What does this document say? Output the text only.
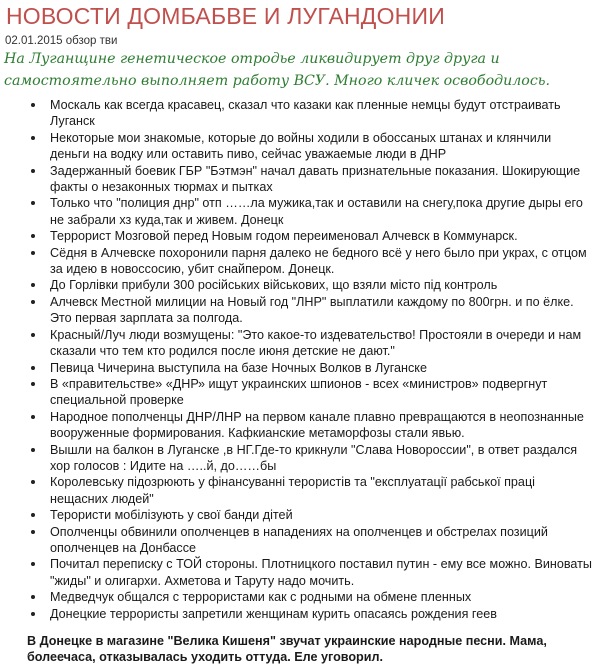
НОВОСТИ ДОМБАБВЕ И ЛУГАНДОНИИ
02.01.2015 обзор тви
На Луганщине генетическое отродье ликвидирует друг друга и самостоятельно выполняет работу ВСУ. Много кличек освободилось.
Москаль как всегда красавец, сказал что казаки как пленные немцы будут отстраивать Луганск
Некоторые мои знакомые, которые до войны ходили в обоссаных штанах и клянчили деньги на водку или оставить пиво, сейчас уважаемые люди в ДНР
Задержанный боевик ГБР "Бэтмэн" начал давать признательные показания. Шокирующие факты о незаконных тюрмах и пытках
Только что "полиция днр" отп ……ла мужика,так и оставили на снегу,пока другие дыры его не забрали хз куда,так и живем. Донецк
Террорист Мозговой перед Новым годом переименовал Алчевск в Коммунарск.
Сёдня в Алчевске похоронили парня далеко не бедного всё у него было при украх, с отцом за идею в новоссосию, убит снайпером. Донецк.
До Горлівки прибули 300 російських військових, що взяли місто під контроль
Алчевск Местной милиции на Новый год "ЛНР" выплатили каждому по 800грн. и по ёлке. Это первая зарплата за полгода.
Красный/Луч люди возмущены: "Это какое-то издевательство! Простояли в очереди и нам сказали что тем кто родился после июня детские не дают."
Певица Чичерина выступила на базе Ночных Волков в Луганске
В «правительстве» «ДНР» ищут украинских шпионов - всех «министров» подвергнут специальной проверке
Народное пополченцы ДНР/ЛНР на первом канале плавно превращаются в неопознанные вооруженные формирования. Кафкианские метаморфозы стали явью.
Вышли на балкон в Луганске ,в НГ.Где-то крикнули "Слава Новороссии", в ответ раздался хор голосов : Идите на …..й, до……бы
Королевську підозрюють у фінансуванні терористів та "експлуатації рабської праці нещасних людей"
Терористи мобілізують у свої банди дітей
Ополченцы обвинили ополченцев в нападениях на ополченцев и обстрелах позиций ополченцев на Донбассе
Почитал переписку с ТОЙ стороны. Плотницкого поставил путин - ему все можно. Виноваты "жиды" и олигархи. Ахметова и Таруту надо мочить.
Медведчук общался с террористами как с родными на обмене пленных
Донецкие террористы запретили женщинам курить опасаясь рождения геев
В Донецке в магазине "Велика Кишеня" звучат украинские народные песни. Мама, болеечаса, отказывалась уходить оттуда. Еле уговорил.
